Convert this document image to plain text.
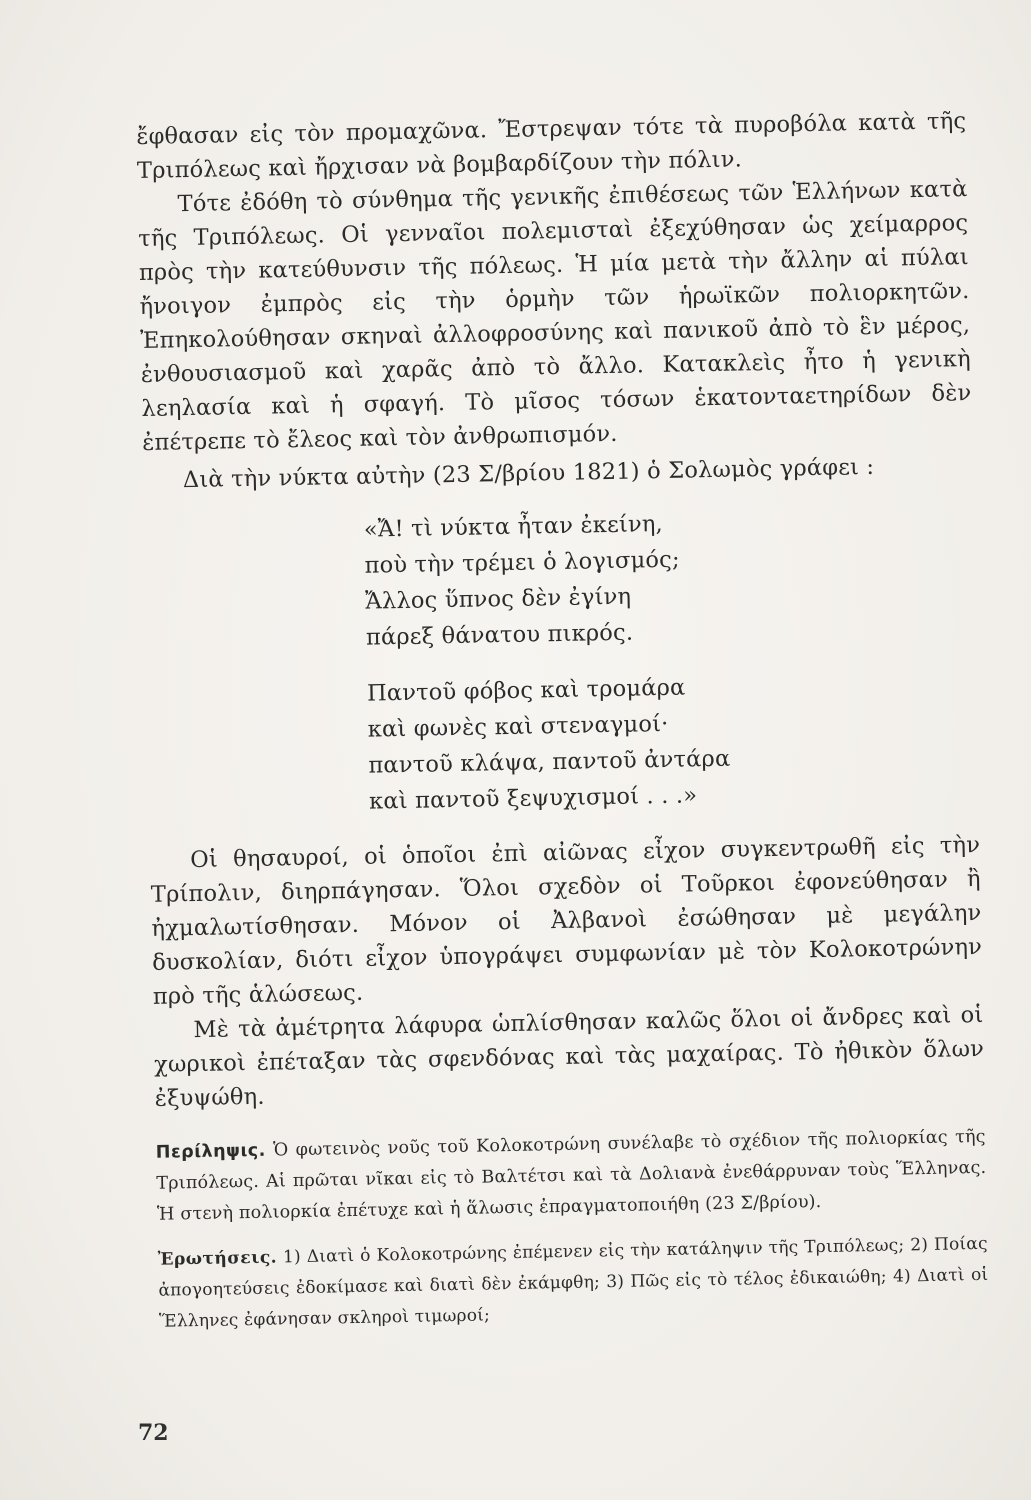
ἔφθασαν εἰς τὸν προμαχῶνα. Ἔστρεψαν τότε τὰ πυροβόλα κατὰ τῆς Τριπόλεως καὶ ἤρχισαν νὰ βομβαρδίζουν τὴν πόλιν.

Τότε ἐδόθη τὸ σύνθημα τῆς γενικῆς ἐπιθέσεως τῶν Ἑλλήνων κατὰ τῆς Τριπόλεως. Οἱ γενναῖοι πολεμισταὶ ἐξεχύθησαν ὡς χείμαρρος πρὸς τὴν κατεύθυνσιν τῆς πόλεως. Ἡ μία μετὰ τὴν ἄλλην αἱ πύλαι ἤνοιγον ἐμπρὸς εἰς τὴν ὁρμὴν τῶν ἡρωϊκῶν πολιορκητῶν. Ἐπηκολούθησαν σκηναὶ ἀλλοφροσύνης καὶ πανικοῦ ἀπὸ τὸ ἓν μέρος, ἐνθουσιασμοῦ καὶ χαρᾶς ἀπὸ τὸ ἄλλο. Κατακλεὶς ἦτο ἡ γενικὴ λεηλασία καὶ ἡ σφαγή. Τὸ μῖσος τόσων ἑκατονταετηρίδων δὲν ἐπέτρεπε τὸ ἔλεος καὶ τὸν ἀνθρωπισμόν.

Διὰ τὴν νύκτα αὐτὴν (23 Σ/βρίου 1821) ὁ Σολωμὸς γράφει :

«Ἄ! τὶ νύκτα ἦταν ἐκείνη,
ποὺ τὴν τρέμει ὁ λογισμός;
Ἄλλος ὕπνος δὲν ἐγίνη
πάρεξ θάνατου πικρός.
Παντοῦ φόβος καὶ τρομάρα
καὶ φωνὲς καὶ στεναγμοί·
παντοῦ κλάψα, παντοῦ ἀντάρα
καὶ παντοῦ ξεψυχισμοί . . .»

Οἱ θησαυροί, οἱ ὁποῖοι ἐπὶ αἰῶνας εἶχον συγκεντρωθῆ εἰς τὴν Τρίπολιν, διηρπάγησαν. Ὅλοι σχεδὸν οἱ Τοῦρκοι ἐφονεύθησαν ἢ ἠχμαλωτίσθησαν. Μόνον οἱ Ἀλβανοὶ ἐσώθησαν μὲ μεγάλην δυσκολίαν, διότι εἶχον ὑπογράψει συμφωνίαν μὲ τὸν Κολοκοτρώνην πρὸ τῆς ἁλώσεως.

Μὲ τὰ ἀμέτρητα λάφυρα ὡπλίσθησαν καλῶς ὅλοι οἱ ἄνδρες καὶ οἱ χωρικοὶ ἐπέταξαν τὰς σφενδόνας καὶ τὰς μαχαίρας. Τὸ ἠθικὸν ὅλων ἐξυψώθη.

Περίληψις. Ὁ φωτεινὸς νοῦς τοῦ Κολοκοτρώνη συνέλαβε τὸ σχέδιον τῆς πολιορκίας τῆς Τριπόλεως. Αἱ πρῶται νῖκαι εἰς τὸ Βαλτέτσι καὶ τὰ Δολιανὰ ἐνεθάρρυναν τοὺς Ἕλληνας. Ἡ στενὴ πολιορκία ἐπέτυχε καὶ ἡ ἅλωσις ἐπραγματοποιήθη (23 Σ/βρίου).
Ἐρωτήσεις. 1) Διατὶ ὁ Κολοκοτρώνης ἐπέμενεν εἰς τὴν κατάληψιν τῆς Τριπόλεως; 2) Ποίας ἀπογοητεύσεις ἐδοκίμασε καὶ διατὶ δὲν ἐκάμφθη; 3) Πῶς εἰς τὸ τέλος ἐδικαιώθη; 4) Διατὶ οἱ Ἕλληνες ἐφάνησαν σκληροὶ τιμωροί;
72
